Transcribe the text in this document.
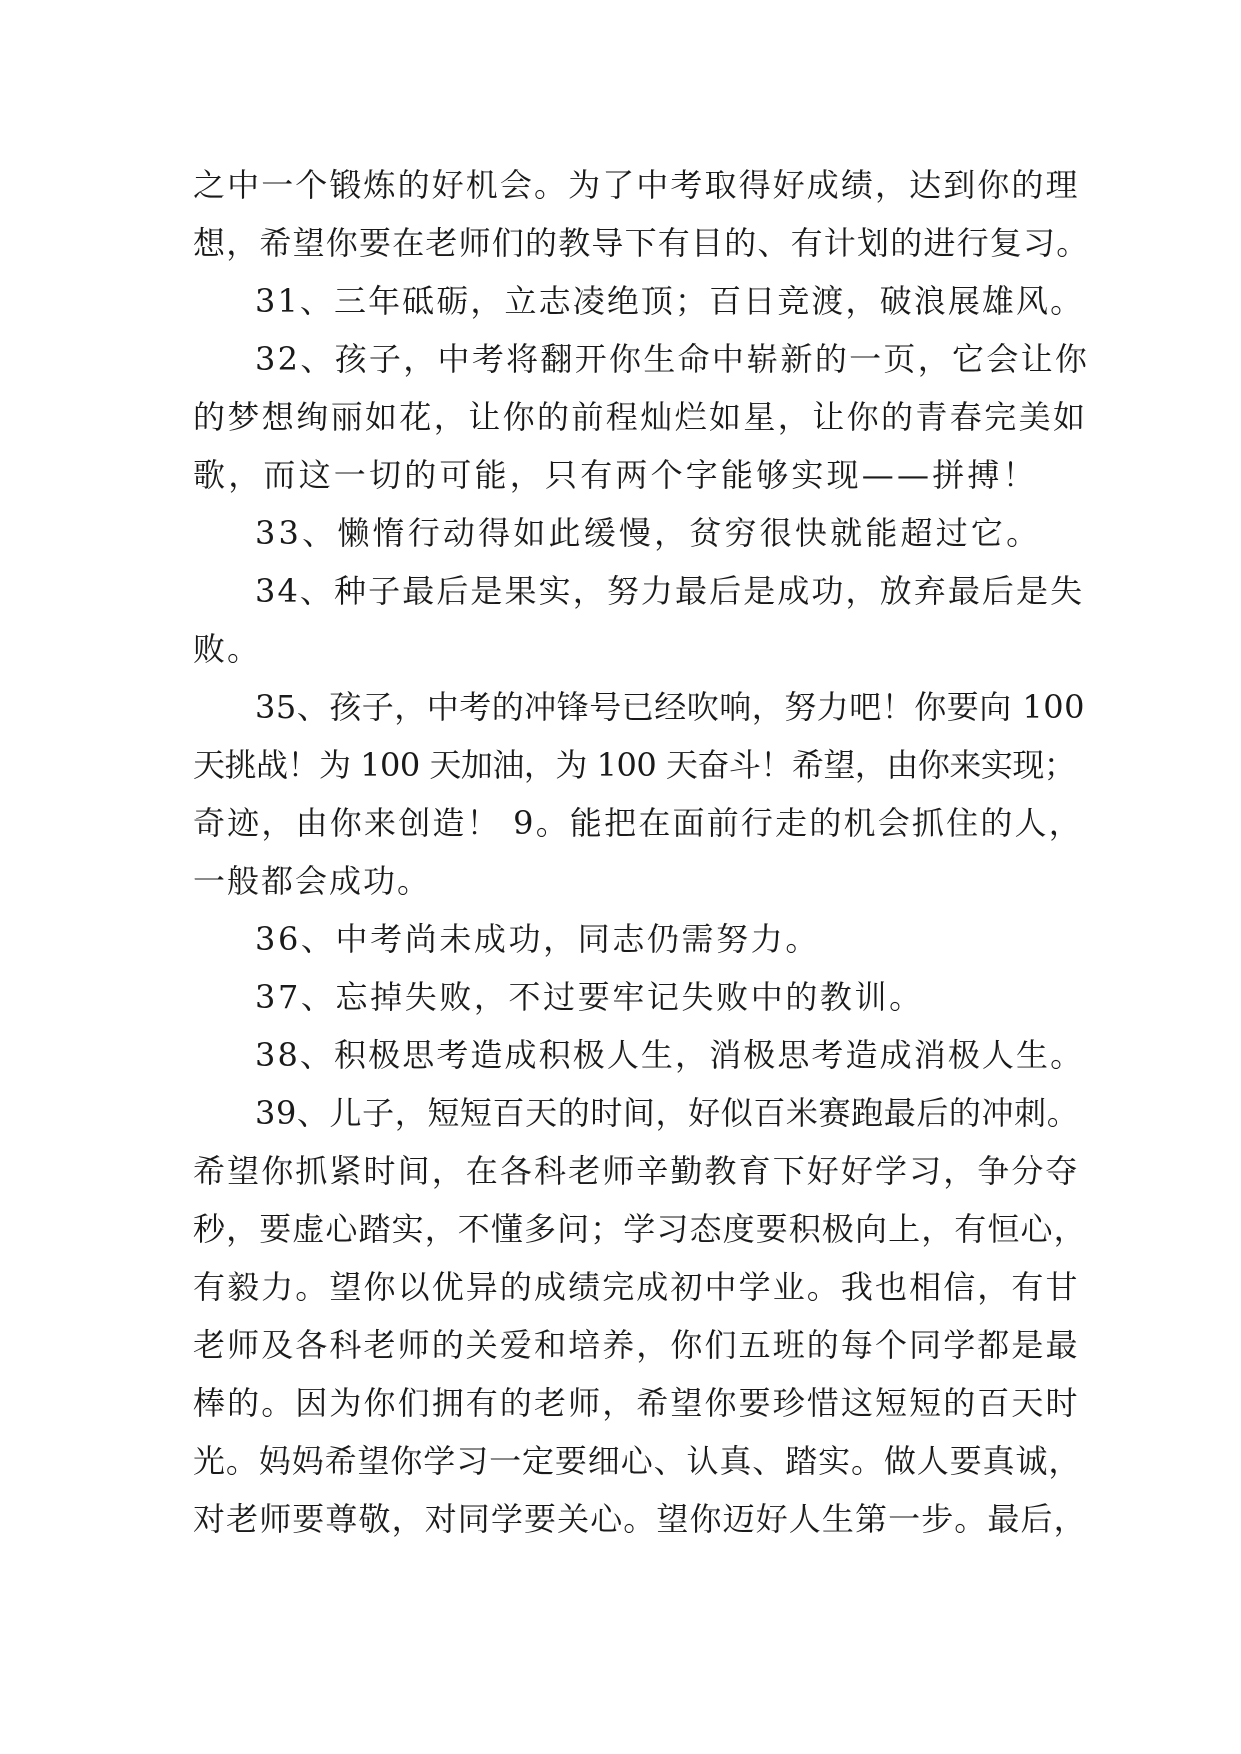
之中一个锻炼的好机会。为了中考取得好成绩，达到你的理
想，希望你要在老师们的教导下有目的、有计划的进行复习。
31、三年砥砺，立志凌绝顶；百日竞渡，破浪展雄风。
32、孩子，中考将翻开你生命中崭新的一页，它会让你
的梦想绚丽如花，让你的前程灿烂如星，让你的青春完美如
歌，而这一切的可能，只有两个字能够实现——拼搏！
33、懒惰行动得如此缓慢，贫穷很快就能超过它。
34、种子最后是果实，努力最后是成功，放弃最后是失
败。
35、孩子，中考的冲锋号已经吹响，努力吧！你要向 100
天挑战！为 100 天加油，为 100 天奋斗！希望，由你来实现；
奇迹，由你来创造！ 9。能把在面前行走的机会抓住的人，
一般都会成功。
36、中考尚未成功，同志仍需努力。
37、忘掉失败，不过要牢记失败中的教训。
38、积极思考造成积极人生，消极思考造成消极人生。
39、儿子，短短百天的时间，好似百米赛跑最后的冲刺。
希望你抓紧时间，在各科老师辛勤教育下好好学习，争分夺
秒，要虚心踏实，不懂多问；学习态度要积极向上，有恒心，
有毅力。望你以优异的成绩完成初中学业。我也相信，有甘
老师及各科老师的关爱和培养，你们五班的每个同学都是最
棒的。因为你们拥有的老师，希望你要珍惜这短短的百天时
光。妈妈希望你学习一定要细心、认真、踏实。做人要真诚，
对老师要尊敬，对同学要关心。望你迈好人生第一步。最后，
